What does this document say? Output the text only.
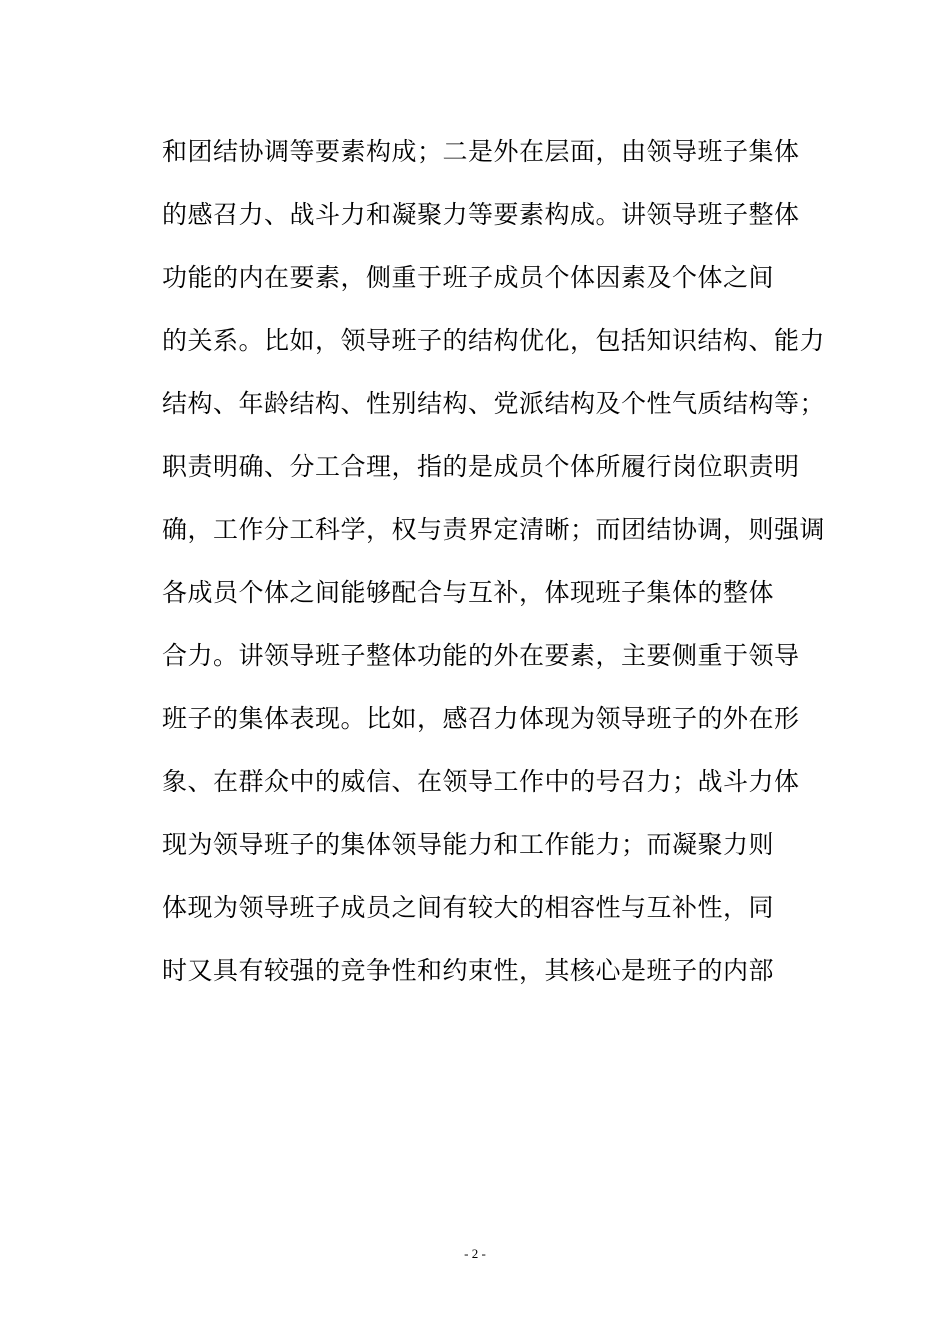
和团结协调等要素构成；二是外在层面，由领导班子集体
的感召力、战斗力和凝聚力等要素构成。讲领导班子整体
功能的内在要素，侧重于班子成员个体因素及个体之间
的关系。比如，领导班子的结构优化，包括知识结构、能力
结构、年龄结构、性别结构、党派结构及个性气质结构等；
职责明确、分工合理，指的是成员个体所履行岗位职责明
确，工作分工科学，权与责界定清晰；而团结协调，则强调
各成员个体之间能够配合与互补，体现班子集体的整体
合力。讲领导班子整体功能的外在要素，主要侧重于领导
班子的集体表现。比如，感召力体现为领导班子的外在形
象、在群众中的威信、在领导工作中的号召力；战斗力体
现为领导班子的集体领导能力和工作能力；而凝聚力则
体现为领导班子成员之间有较大的相容性与互补性，同
时又具有较强的竞争性和约束性，其核心是班子的内部
- 2 -
